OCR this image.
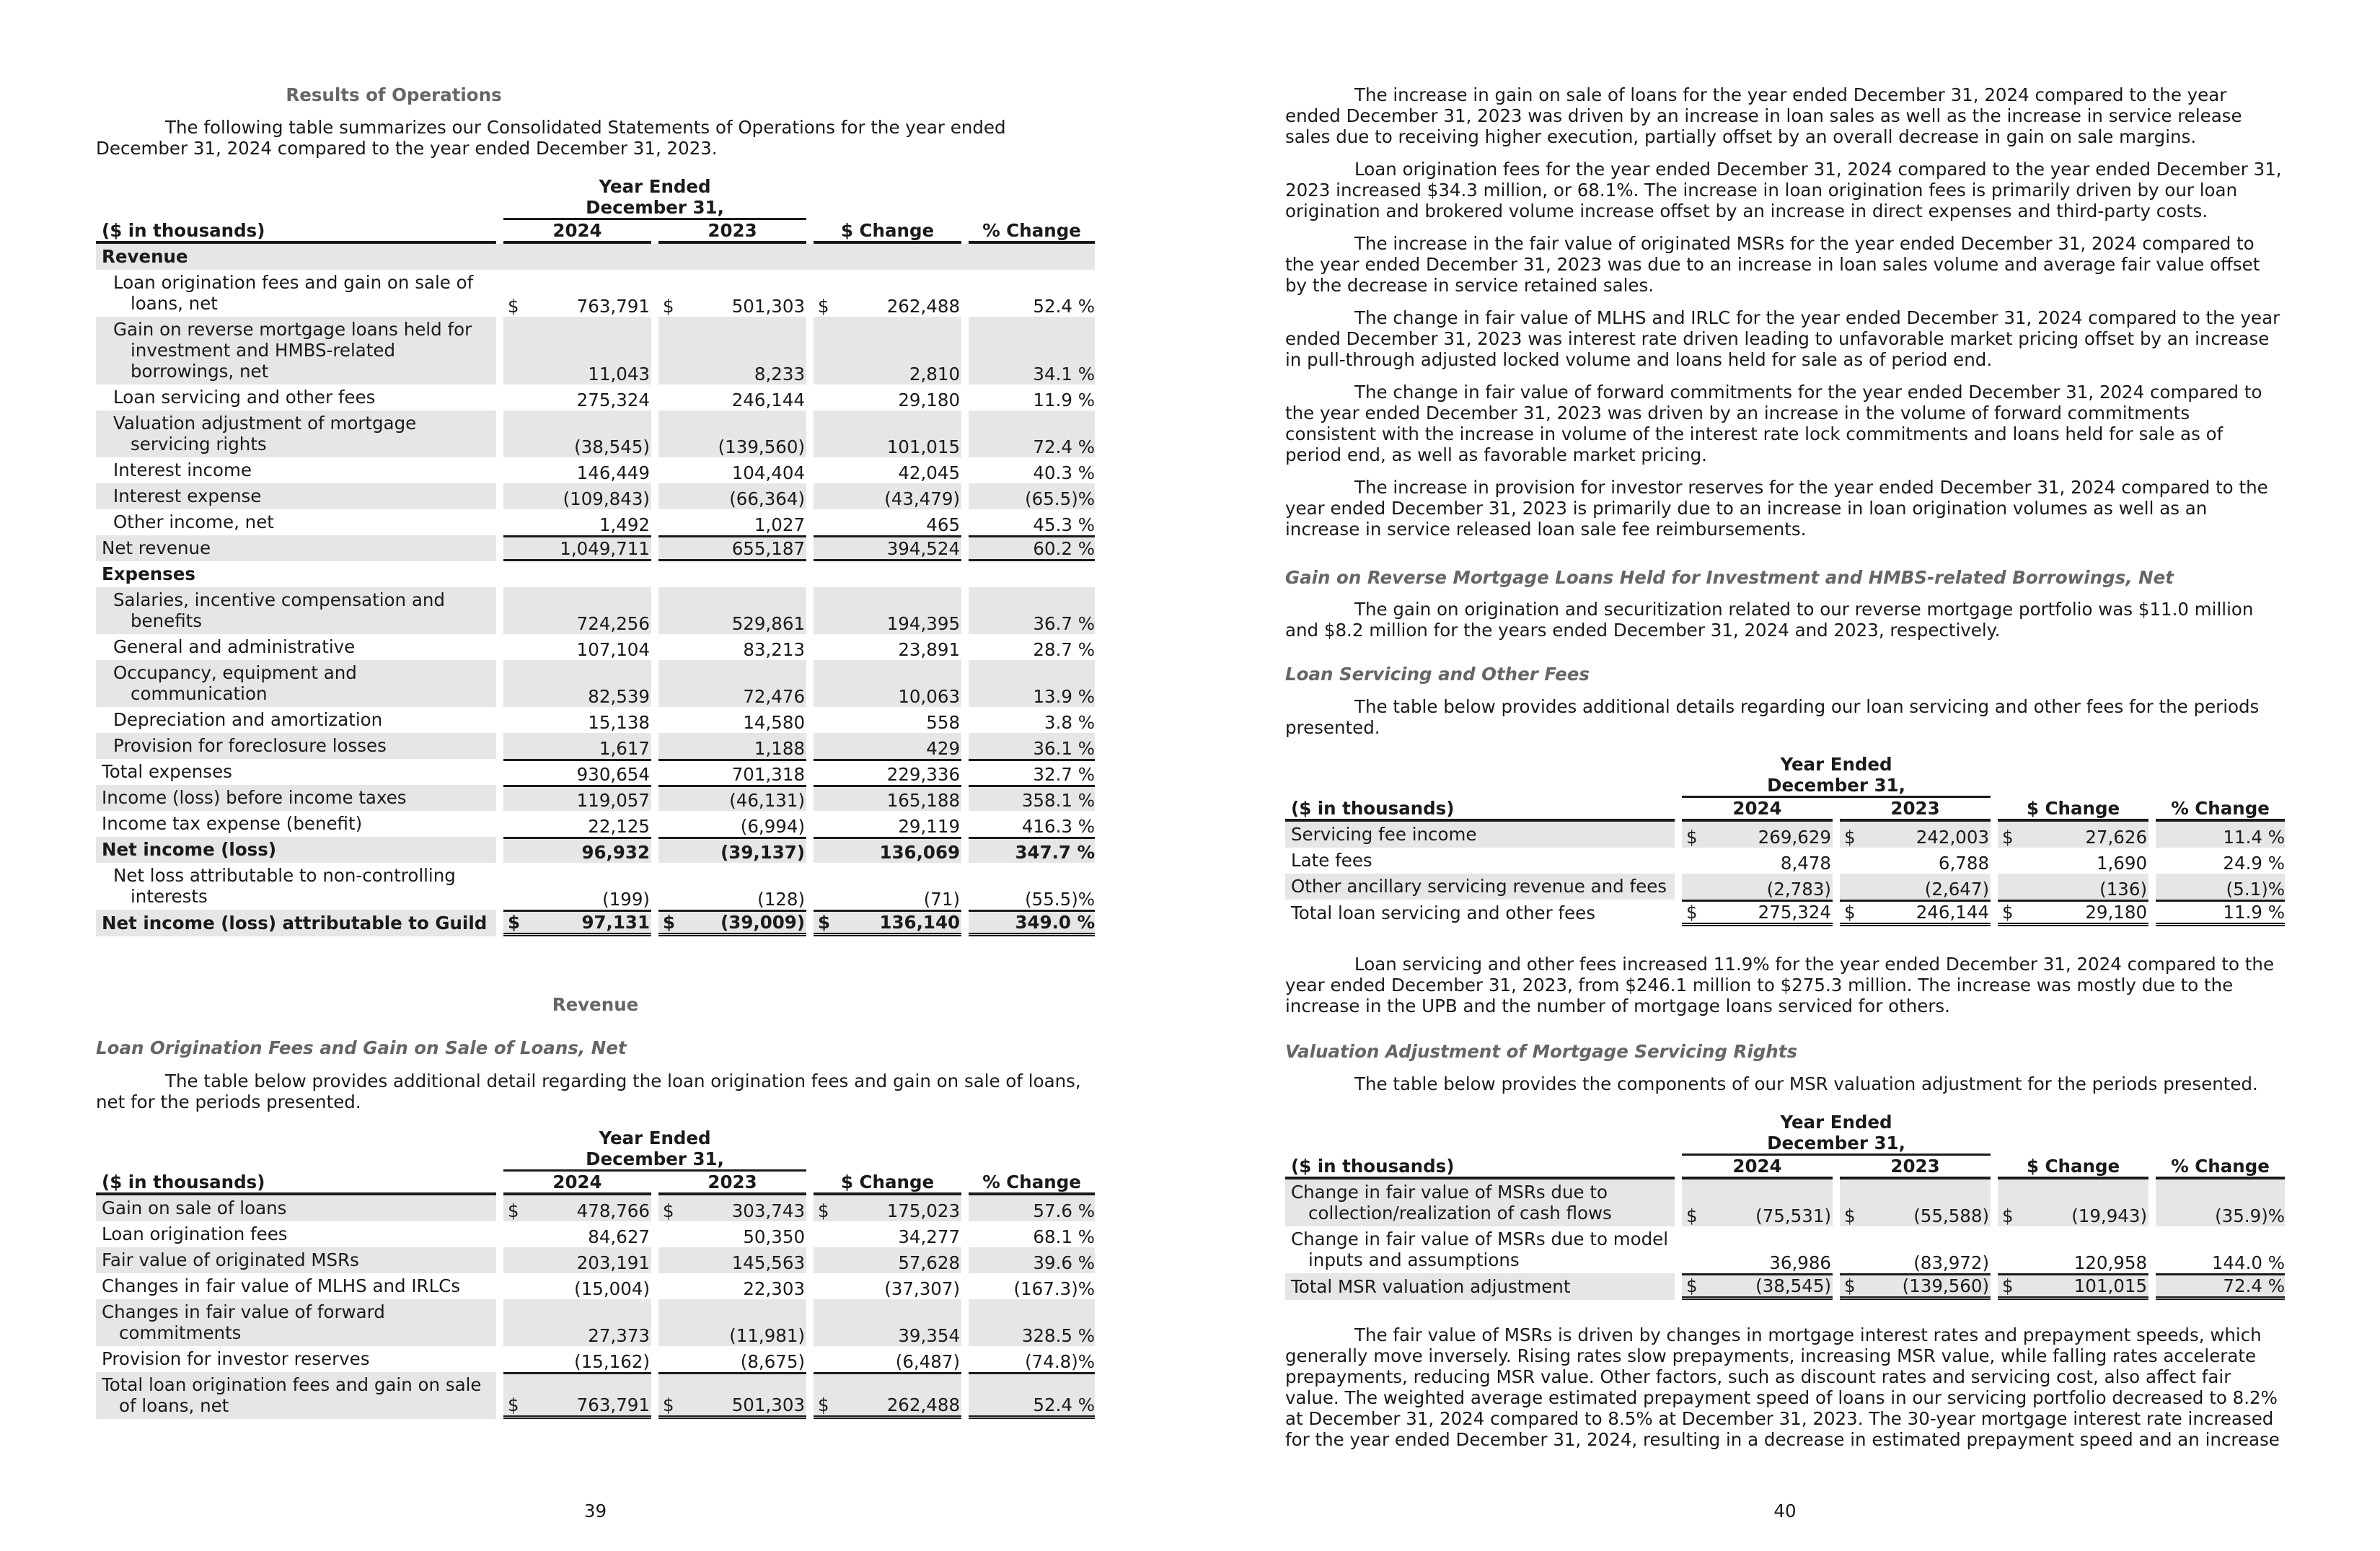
Results of Operations

The following table summarizes our Consolidated Statements of Operations for the year ended December 31, 2024 compared to the year ended December 31, 2023.

		Year Ended									
		December 31,									
($ in thousands)		2024			2023			$ Change			% Change
Revenue											

Loan origination fees and gain on sale of
loans, net		$	763,791		$	501,303		$	262,488		52.4 %

Gain on reverse mortgage loans held for
investment and HMBS-related
borrowings, net			11,043			8,233			2,810		34.1 %

Loan servicing and other fees			275,324			246,144			29,180		11.9 %

Valuation adjustment of mortgage
servicing rights			(38,545)			(139,560)			101,015		72.4 %

Interest income			146,449			104,404			42,045		40.3 %

Interest expense			(109,843)			(66,364)			(43,479)		(65.5)%

Other income, net			1,492			1,027			465		45.3 %

Net revenue			1,049,711			655,187			394,524		60.2 %
Expenses											

Salaries, incentive compensation and
benefits			724,256			529,861			194,395		36.7 %

General and administrative			107,104			83,213			23,891		28.7 %

Occupancy, equipment and
communication			82,539			72,476			10,063		13.9 %

Depreciation and amortization			15,138			14,580			558		3.8 %

Provision for foreclosure losses			1,617			1,188			429		36.1 %

Total expenses			930,654			701,318			229,336		32.7 %

Income (loss) before income taxes			119,057			(46,131)			165,188		358.1 %

Income tax expense (benefit)			22,125			(6,994)			29,119		416.3 %

Net income (loss)			96,932			(39,137)			136,069		347.7 %

Net loss attributable to non-controlling
interests			(199)			(128)			(71)		(55.5)%

Net income (loss) attributable to Guild		$	97,131		$	(39,009)		$	136,140		349.0 %
Revenue
Loan Origination Fees and Gain on Sale of Loans, Net

The table below provides additional detail regarding the loan origination fees and gain on sale of loans, net for the periods presented.

		Year Ended									
		December 31,									
($ in thousands)		2024			2023			$ Change			% Change

Gain on sale of loans		$	478,766		$	303,743		$	175,023		57.6 %

Loan origination fees			84,627			50,350			34,277		68.1 %

Fair value of originated MSRs			203,191			145,563			57,628		39.6 %

Changes in fair value of MLHS and IRLCs			(15,004)			22,303			(37,307)		(167.3)%

Changes in fair value of forward
commitments			27,373			(11,981)			39,354		328.5 %

Provision for investor reserves			(15,162)			(8,675)			(6,487)		(74.8)%

Total loan origination fees and gain on sale
of loans, net		$	763,791		$	501,303		$	262,488		52.4 %
39

The increase in gain on sale of loans for the year ended December 31, 2024 compared to the year ended December 31, 2023 was driven by an increase in loan sales as well as the increase in service release sales due to receiving higher execution, partially offset by an overall decrease in gain on sale margins.

Loan origination fees for the year ended December 31, 2024 compared to the year ended December 31, 2023 increased $34.3 million, or 68.1%. The increase in loan origination fees is primarily driven by our loan origination and brokered volume increase offset by an increase in direct expenses and third-party costs.

The increase in the fair value of originated MSRs for the year ended December 31, 2024 compared to the year ended December 31, 2023 was due to an increase in loan sales volume and average fair value offset by the decrease in service retained sales.

The change in fair value of MLHS and IRLC for the year ended December 31, 2024 compared to the year ended December 31, 2023 was interest rate driven leading to unfavorable market pricing offset by an increase in pull-through adjusted locked volume and loans held for sale as of period end.

The change in fair value of forward commitments for the year ended December 31, 2024 compared to the year ended December 31, 2023 was driven by an increase in the volume of forward commitments consistent with the increase in volume of the interest rate lock commitments and loans held for sale as of period end, as well as favorable market pricing.

The increase in provision for investor reserves for the year ended December 31, 2024 compared to the year ended December 31, 2023 is primarily due to an increase in loan origination volumes as well as an increase in service released loan sale fee reimbursements.

Gain on Reverse Mortgage Loans Held for Investment and HMBS-related Borrowings, Net

The gain on origination and securitization related to our reverse mortgage portfolio was $11.0 million and $8.2 million for the years ended December 31, 2024 and 2023, respectively.

Loan Servicing and Other Fees

The table below provides additional details regarding our loan servicing and other fees for the periods presented.

		Year Ended									
		December 31,									
($ in thousands)		2024			2023			$ Change			% Change

Servicing fee income		$	269,629		$	242,003		$	27,626		11.4 %

Late fees			8,478			6,788			1,690		24.9 %

Other ancillary servicing revenue and fees			(2,783)			(2,647)			(136)		(5.1)%

Total loan servicing and other fees		$	275,324		$	246,144		$	29,180		11.9 %

Loan servicing and other fees increased 11.9% for the year ended December 31, 2024 compared to the year ended December 31, 2023, from $246.1 million to $275.3 million. The increase was mostly due to the increase in the UPB and the number of mortgage loans serviced for others.

Valuation Adjustment of Mortgage Servicing Rights

The table below provides the components of our MSR valuation adjustment for the periods presented.

		Year Ended									
		December 31,									
($ in thousands)		2024			2023			$ Change			% Change

Change in fair value of MSRs due to
collection/realization of cash flows		$	(75,531)		$	(55,588)		$	(19,943)		(35.9)%

Change in fair value of MSRs due to model
inputs and assumptions			36,986			(83,972)			120,958		144.0 %

Total MSR valuation adjustment		$	(38,545)		$	(139,560)		$	101,015		72.4 %

The fair value of MSRs is driven by changes in mortgage interest rates and prepayment speeds, which generally move inversely. Rising rates slow prepayments, increasing MSR value, while falling rates accelerate prepayments, reducing MSR value. Other factors, such as discount rates and servicing cost, also affect fair value. The weighted average estimated prepayment speed of loans in our servicing portfolio decreased to 8.2% at December 31, 2024 compared to 8.5% at December 31, 2023. The 30-year mortgage interest rate increased for the year ended December 31, 2024, resulting in a decrease in estimated prepayment speed and an increase

40
